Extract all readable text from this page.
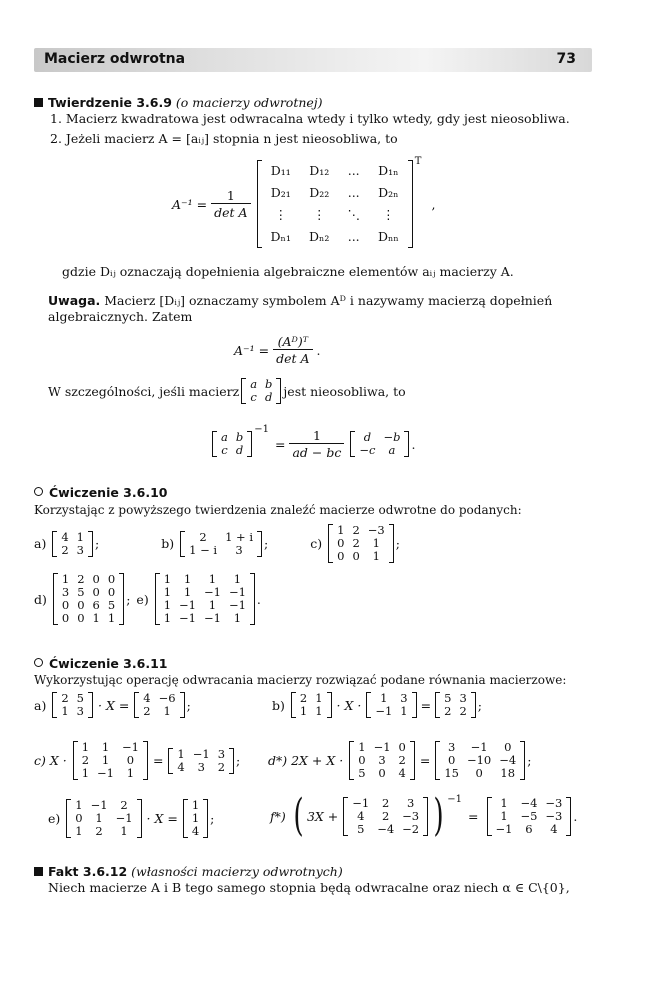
Macierz odwrotna	73
Twierdzenie 3.6.9 (o macierzy odwrotnej)
1. Macierz kwadratowa jest odwracalna wtedy i tylko wtedy, gdy jest nieosobliwa.
2. Jeżeli macierz A = [aᵢⱼ] stopnia n jest nieosobliwa, to
$A^{-1} = \frac{1}{\text{det A}}$
D₁₁	D₁₂	...	D₁ₙ
D₂₁	D₂₂	...	D₂ₙ
⋮	⋮	⋱	⋮
Dₙ₁	Dₙ₂	...	Dₙₙ
T
,
gdzie Dᵢⱼ oznaczają dopełnienia algebraiczne elementów aᵢⱼ macierzy A.
Uwaga. Macierz [Dᵢⱼ] oznaczamy symbolem Aᴰ i nazywamy macierzą dopełnień
algebraicznych. Zatem
$A^{-1} = \frac{\text{(Aᴰ)ᵀ}}{\text{det A}}$ .
W szczególności, jeśli macierz a	b
c	d jest nieosobliwa, to
a	b
c	d
−1
= $\frac{1}{ad - bc}$ d	−b
−c	a .
Ćwiczenie 3.6.10
Korzystając z powyższego twierdzenia znaleźć macierze odwrotne do podanych:
a) 4	1
2	3 ;	b) 2	1 + i
1 − i	3 ;	c)
1	2	−3
0	2	1
0	0	1
;
d)
1	2	0	0
3	5	0	0
0	0	6	5
0	0	1	1
; e)
1	1	1	1
1	1	−1	−1
1	−1	1	−1
1	−1	−1	1
.
Ćwiczenie 3.6.11
Wykorzystując operację odwracania macierzy rozwiązać podane równania macierzowe:
a) 2	5
1	3 · X = 4	−6
2	1 ;	b) 2	1
1	1 · X · 1	3
−1	1 = 5	3
2	2 ;
c) X ·
1	1	−1
2	1	0
1	−1	1
= 1	−1	3
4	3	2 ; d*) 2X + X ·
1	−1	0
0	3	2
5	0	4
=
3	−1	0
0	−10	−4
15	0	18
;
e)
1	−1	2
0	1	−1
1	2	1
· X =
1
1
4
;	f*) ( 3X +
−1	2	3
4	2	−3
5	−4	−2 ) −1
=
1	−4	−3
1	−5	−3
−1	6	4
.
Fakt 3.6.12 (własności macierzy odwrotnych)
Niech macierze A i B tego samego stopnia będą odwracalne oraz niech α ∈ C\{0},
